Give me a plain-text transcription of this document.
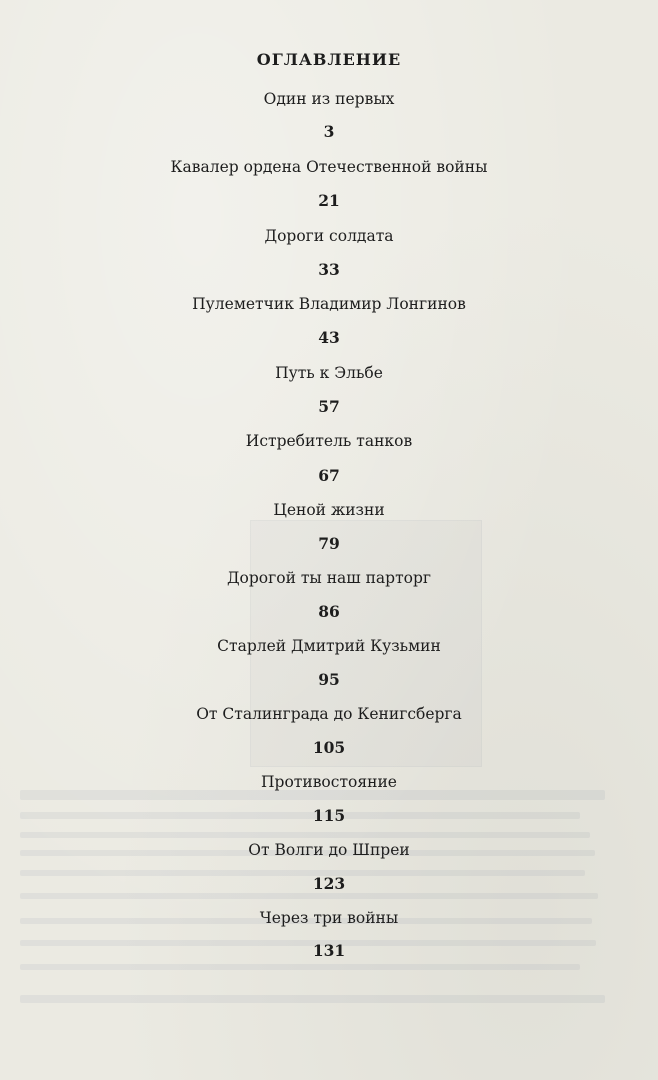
ОГЛАВЛЕНИЕ
Один из первых
3
Кавалер ордена Отечественной войны
21
Дороги солдата
33
Пулеметчик Владимир Лонгинов
43
Путь к Эльбе
57
Истребитель танков
67
Ценой жизни
79
Дорогой ты наш парторг
86
Старлей Дмитрий Кузьмин
95
От Сталинграда до Кенигсберга
105
Противостояние
115
От Волги до Шпреи
123
Через три войны
131
